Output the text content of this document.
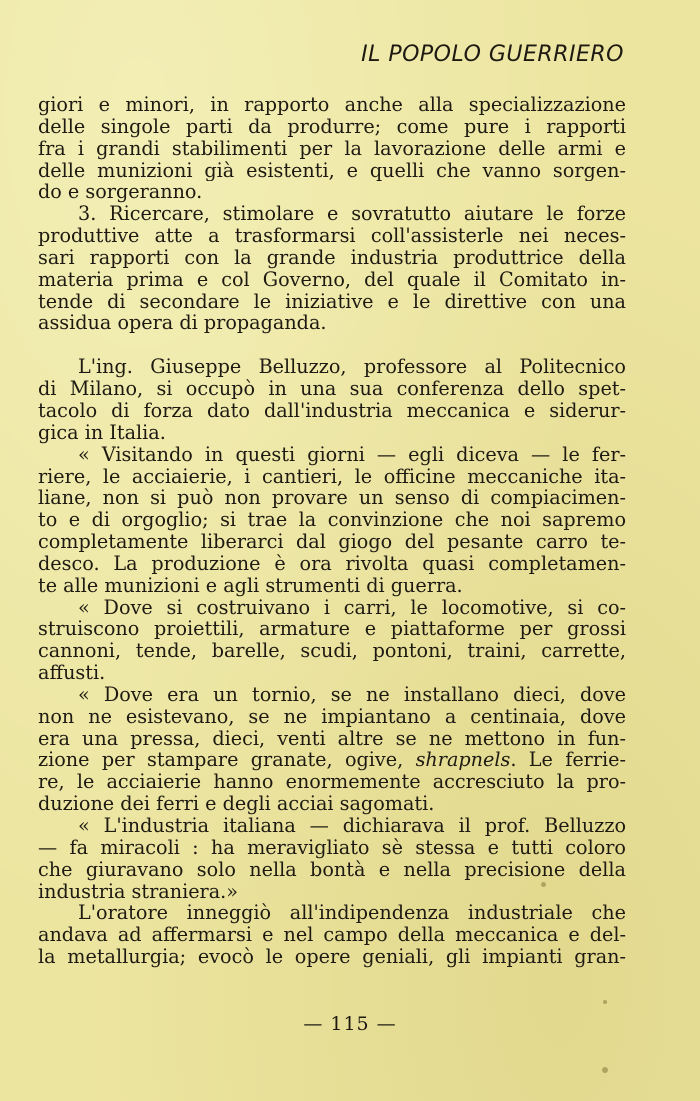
IL POPOLO GUERRIERO
giori e minori, in rapporto anche alla specializzazione
delle singole parti da produrre; come pure i rapporti
fra i grandi stabilimenti per la lavorazione delle armi e
delle munizioni già esistenti, e quelli che vanno sorgen-
do e sorgeranno.
3. Ricercare, stimolare e sovratutto aiutare le forze
produttive atte a trasformarsi coll'assisterle nei neces-
sari rapporti con la grande industria produttrice della
materia prima e col Governo, del quale il Comitato in-
tende di secondare le iniziative e le direttive con una
assidua opera di propaganda.
L'ing. Giuseppe Belluzzo, professore al Politecnico
di Milano, si occupò in una sua conferenza dello spet-
tacolo di forza dato dall'industria meccanica e siderur-
gica in Italia.
« Visitando in questi giorni — egli diceva — le fer-
riere, le acciaierie, i cantieri, le officine meccaniche ita-
liane, non si può non provare un senso di compiacimen-
to e di orgoglio; si trae la convinzione che noi sapremo
completamente liberarci dal giogo del pesante carro te-
desco. La produzione è ora rivolta quasi completamen-
te alle munizioni e agli strumenti di guerra.
« Dove si costruivano i carri, le locomotive, si co-
struiscono proiettili, armature e piattaforme per grossi
cannoni, tende, barelle, scudi, pontoni, traini, carrette,
affusti.
« Dove era un tornio, se ne installano dieci, dove
non ne esistevano, se ne impiantano a centinaia, dove
era una pressa, dieci, venti altre se ne mettono in fun-
zione per stampare granate, ogive, shrapnels. Le ferrie-
re, le acciaierie hanno enormemente accresciuto la pro-
duzione dei ferri e degli acciai sagomati.
« L'industria italiana — dichiarava il prof. Belluzzo
— fa miracoli : ha meravigliato sè stessa e tutti coloro
che giuravano solo nella bontà e nella precisione della
industria straniera.»
L'oratore inneggiò all'indipendenza industriale che
andava ad affermarsi e nel campo della meccanica e del-
la metallurgia; evocò le opere geniali, gli impianti gran-
— 115 —
